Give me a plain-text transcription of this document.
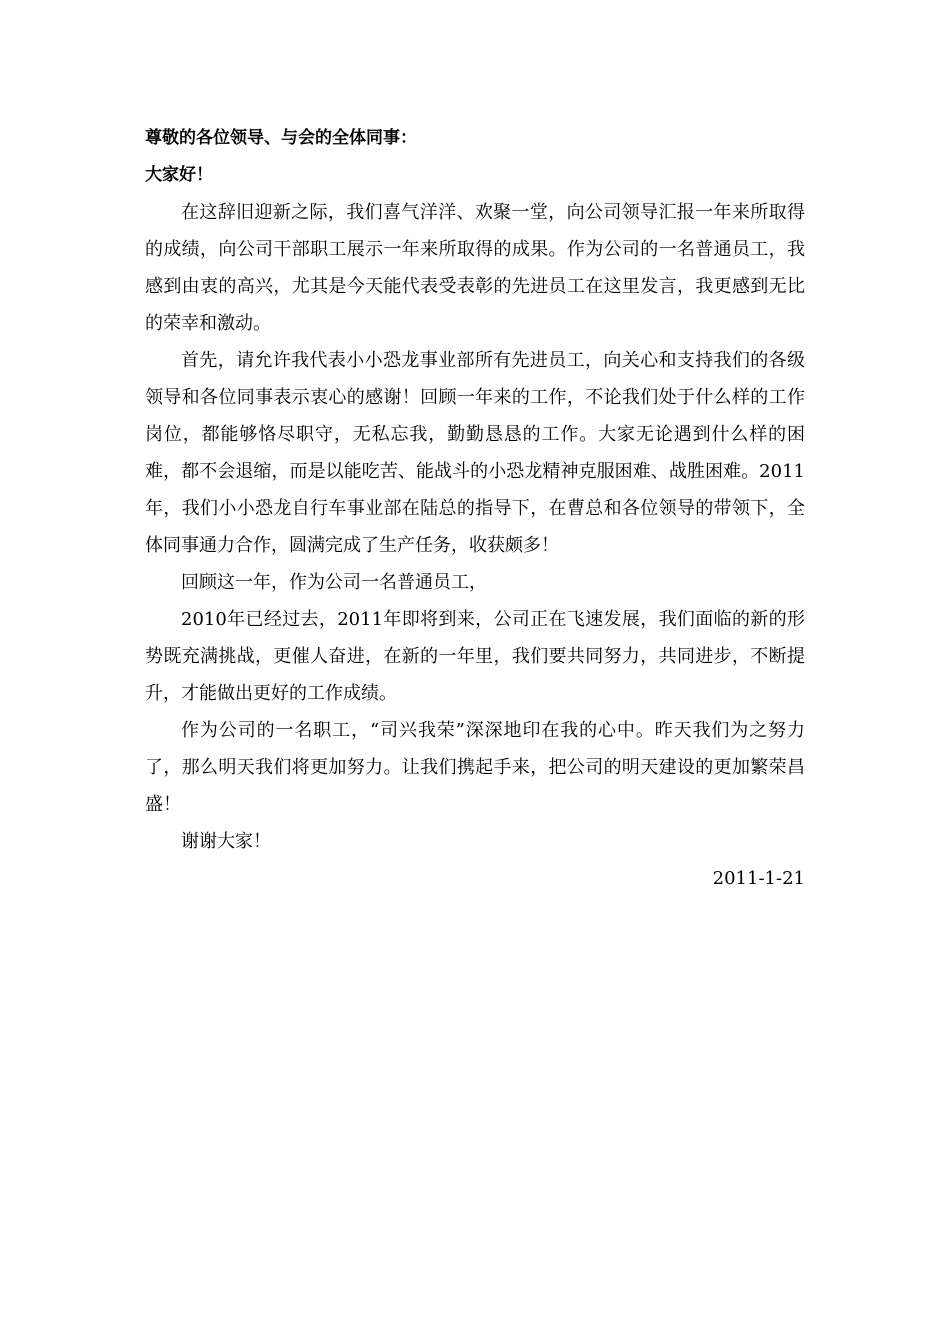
尊敬的各位领导、与会的全体同事：

大家好！

在这辞旧迎新之际，我们喜气洋洋、欢聚一堂，向公司领导汇报一年来所取得的成绩，向公司干部职工展示一年来所取得的成果。作为公司的一名普通员工，我感到由衷的高兴，尤其是今天能代表受表彰的先进员工在这里发言，我更感到无比的荣幸和激动。

首先，请允许我代表小小恐龙事业部所有先进员工，向关心和支持我们的各级领导和各位同事表示衷心的感谢！回顾一年来的工作，不论我们处于什么样的工作岗位，都能够恪尽职守，无私忘我，勤勤恳恳的工作。大家无论遇到什么样的困难，都不会退缩，而是以能吃苦、能战斗的小恐龙精神克服困难、战胜困难。2011年，我们小小恐龙自行车事业部在陆总的指导下，在曹总和各位领导的带领下，全体同事通力合作，圆满完成了生产任务，收获颇多！

回顾这一年，作为公司一名普通员工，

2010年已经过去，2011年即将到来，公司正在飞速发展，我们面临的新的形势既充满挑战，更催人奋进，在新的一年里，我们要共同努力，共同进步，不断提升，才能做出更好的工作成绩。

作为公司的一名职工，“司兴我荣”深深地印在我的心中。昨天我们为之努力了，那么明天我们将更加努力。让我们携起手来，把公司的明天建设的更加繁荣昌盛！

谢谢大家！

2011-1-21
